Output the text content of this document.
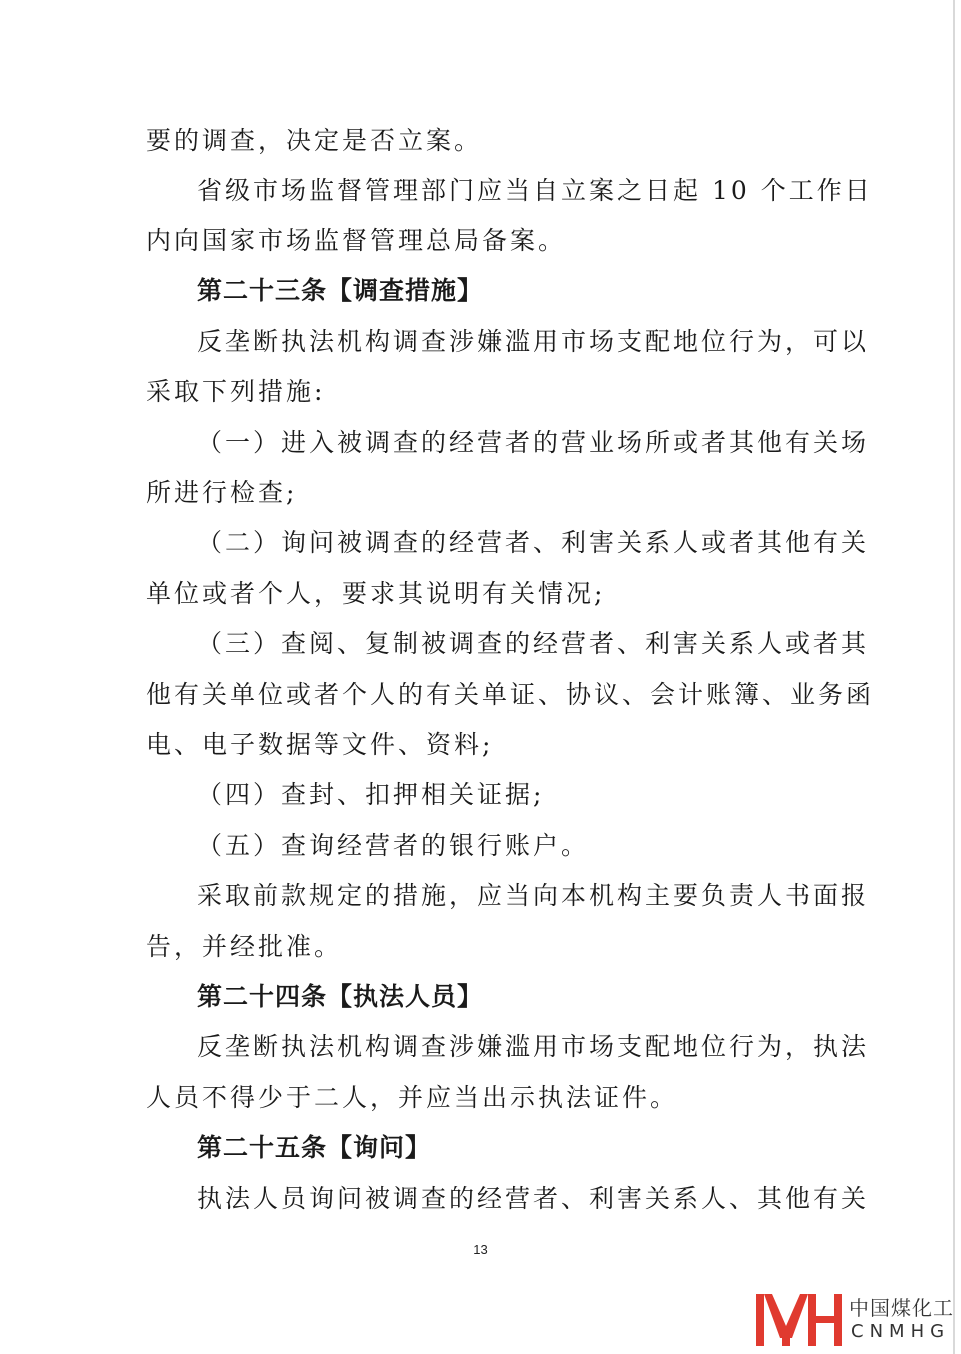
要的调查，决定是否立案。
省级市场监督管理部门应当自立案之日起 10 个工作日
内向国家市场监督管理总局备案。
第二十三条【调查措施】
反垄断执法机构调查涉嫌滥用市场支配地位行为，可以
采取下列措施:
（一）进入被调查的经营者的营业场所或者其他有关场
所进行检查;
（二）询问被调查的经营者、利害关系人或者其他有关
单位或者个人，要求其说明有关情况;
（三）查阅、复制被调查的经营者、利害关系人或者其
他有关单位或者个人的有关单证、协议、会计账簿、业务函
电、电子数据等文件、资料;
（四）查封、扣押相关证据;
（五）查询经营者的银行账户。
采取前款规定的措施，应当向本机构主要负责人书面报
告，并经批准。
第二十四条【执法人员】
反垄断执法机构调查涉嫌滥用市场支配地位行为，执法
人员不得少于二人，并应当出示执法证件。
第二十五条【询问】
执法人员询问被调查的经营者、利害关系人、其他有关
13
中国煤化工
CNMHG
